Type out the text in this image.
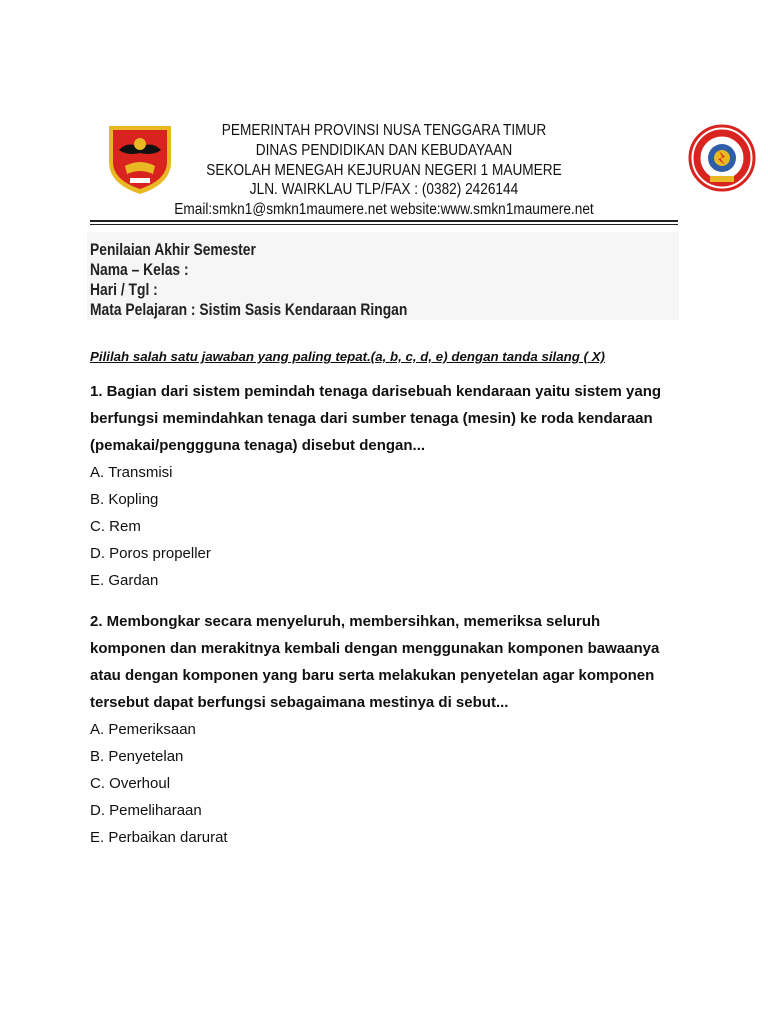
PEMERINTAH PROVINSI NUSA TENGGARA TIMUR
DINAS PENDIDIKAN DAN KEBUDAYAAN
SEKOLAH MENEGAH KEJURUAN NEGERI 1 MAUMERE
JLN. WAIRKLAU TLP/FAX : (0382) 2426144
Email:smkn1@smkn1maumere.net website:www.smkn1maumere.net
Penilaian Akhir Semester
Nama – Kelas :
Hari / Tgl :
Mata Pelajaran : Sistim Sasis Kendaraan Ringan
Pililah salah satu jawaban yang paling tepat.(a, b, c, d, e) dengan tanda silang ( X)
1. Bagian dari sistem pemindah tenaga darisebuah kendaraan yaitu sistem yang
berfungsi memindahkan tenaga dari sumber tenaga (mesin) ke roda kendaraan
(pemakai/penggguna tenaga) disebut dengan...
A. Transmisi
B. Kopling
C. Rem
D. Poros propeller
E. Gardan
2. Membongkar secara menyeluruh, membersihkan, memeriksa seluruh
komponen dan merakitnya kembali dengan menggunakan komponen bawaanya
atau dengan komponen yang baru serta melakukan penyetelan agar komponen
tersebut dapat berfungsi sebagaimana mestinya di sebut...
A. Pemeriksaan
B. Penyetelan
C. Overhoul
D. Pemeliharaan
E. Perbaikan darurat
